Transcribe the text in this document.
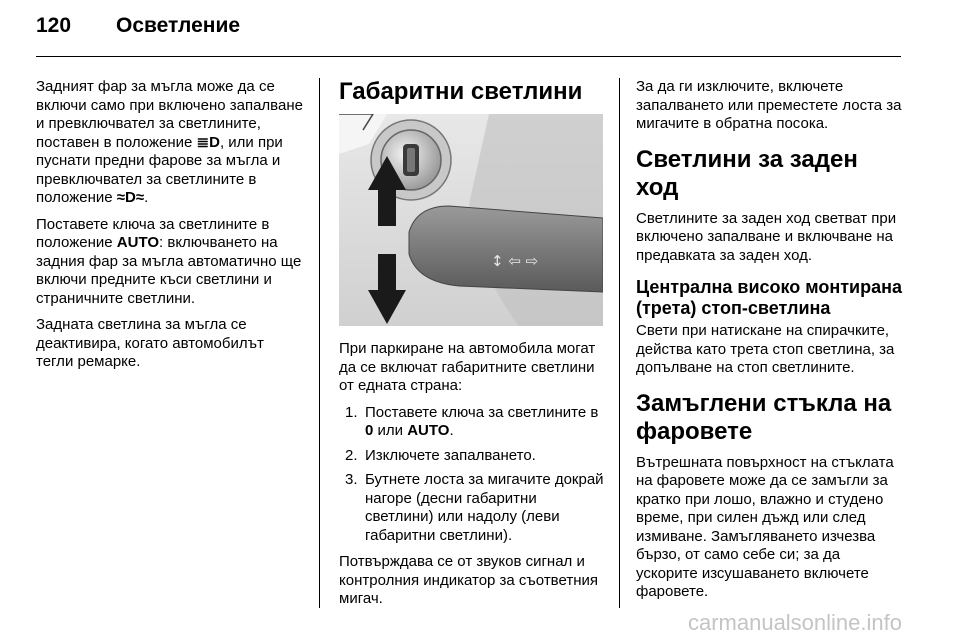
120	Осветление

Задният фар за мъгла може да се включи само при включено запалване и превключвател за светлините, поставен в положение ≣D, или при пуснати предни фарове за мъгла и превключвател за светлините в положение ≈D≈.

Поставете ключа за светлините в положение AUTO: включването на задния фар за мъгла автоматично ще включи предните къси светлини и страничните светлини.

Задната светлина за мъгла се деактивира, когато автомобилът тегли ремарке.

Габаритни светлини
↕ ⇦ ⇨

При паркиране на автомобила могат да се включат габаритните светлини от едната страна:

1. Поставете ключа за светлините в 0 или AUTO.
2. Изключете запалването.
3. Бутнете лоста за мигачите докрай нагоре (десни габаритни светлини) или надолу (леви габаритни светлини).

Потвърждава се от звуков сигнал и контролния индикатор за съответния мигач.

За да ги изключите, включете запалването или преместете лоста за мигачите в обратна посока.

Светлини за заден ход

Светлините за заден ход светват при включено запалване и включване на предавката за заден ход.

Централна високо монтирана (трета) стоп-светлина

Свети при натискане на спирачките, действа като трета стоп светлина, за допълване на стоп светлините.

Замъглени стъкла на фаровете

Вътрешната повърхност на стъклата на фаровете може да се замъгли за кратко при лошо, влажно и студено време, при силен дъжд или след измиване. Замъгляването изчезва бързо, от само себе си; за да ускорите изсушаването включете фаровете.

carmanualsonline.info
